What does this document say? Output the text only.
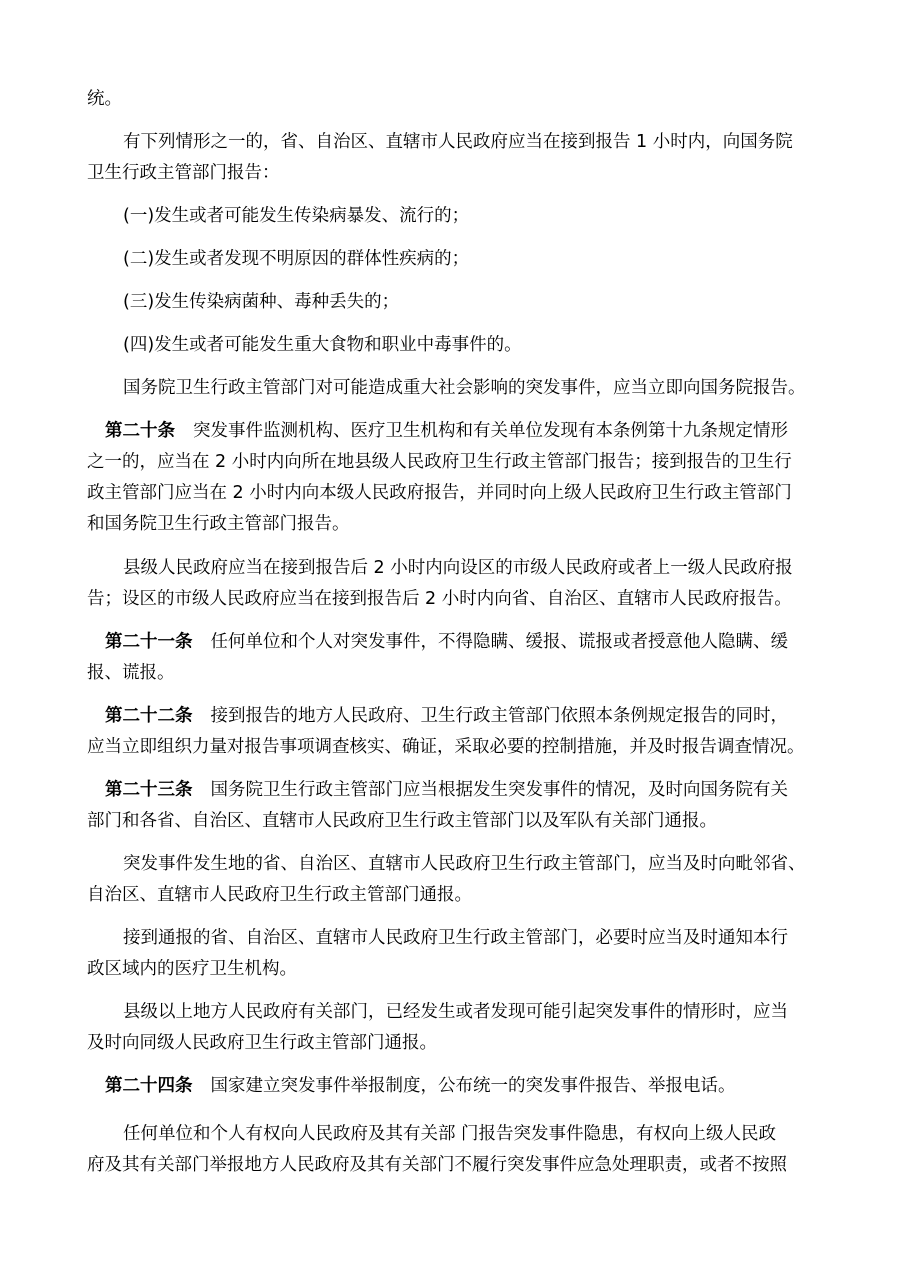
统。

有下列情形之一的，省、自治区、直辖市人民政府应当在接到报告 1 小时内，向国务院
卫生行政主管部门报告：

(一)发生或者可能发生传染病暴发、流行的；

(二)发生或者发现不明原因的群体性疾病的；

(三)发生传染病菌种、毒种丢失的；

(四)发生或者可能发生重大食物和职业中毒事件的。

国务院卫生行政主管部门对可能造成重大社会影响的突发事件，应当立即向国务院报告。

第二十条 突发事件监测机构、医疗卫生机构和有关单位发现有本条例第十九条规定情形
之一的，应当在 2 小时内向所在地县级人民政府卫生行政主管部门报告；接到报告的卫生行
政主管部门应当在 2 小时内向本级人民政府报告，并同时向上级人民政府卫生行政主管部门
和国务院卫生行政主管部门报告。

县级人民政府应当在接到报告后 2 小时内向设区的市级人民政府或者上一级人民政府报
告；设区的市级人民政府应当在接到报告后 2 小时内向省、自治区、直辖市人民政府报告。

第二十一条 任何单位和个人对突发事件，不得隐瞒、缓报、谎报或者授意他人隐瞒、缓
报、谎报。

第二十二条 接到报告的地方人民政府、卫生行政主管部门依照本条例规定报告的同时，
应当立即组织力量对报告事项调查核实、确证，采取必要的控制措施，并及时报告调查情况。

第二十三条 国务院卫生行政主管部门应当根据发生突发事件的情况，及时向国务院有关
部门和各省、自治区、直辖市人民政府卫生行政主管部门以及军队有关部门通报。

突发事件发生地的省、自治区、直辖市人民政府卫生行政主管部门，应当及时向毗邻省、
自治区、直辖市人民政府卫生行政主管部门通报。

接到通报的省、自治区、直辖市人民政府卫生行政主管部门，必要时应当及时通知本行
政区域内的医疗卫生机构。

县级以上地方人民政府有关部门，已经发生或者发现可能引起突发事件的情形时，应当
及时向同级人民政府卫生行政主管部门通报。

第二十四条 国家建立突发事件举报制度，公布统一的突发事件报告、举报电话。

任何单位和个人有权向人民政府及其有关部 门报告突发事件隐患，有权向上级人民政
府及其有关部门举报地方人民政府及其有关部门不履行突发事件应急处理职责，或者不按照
